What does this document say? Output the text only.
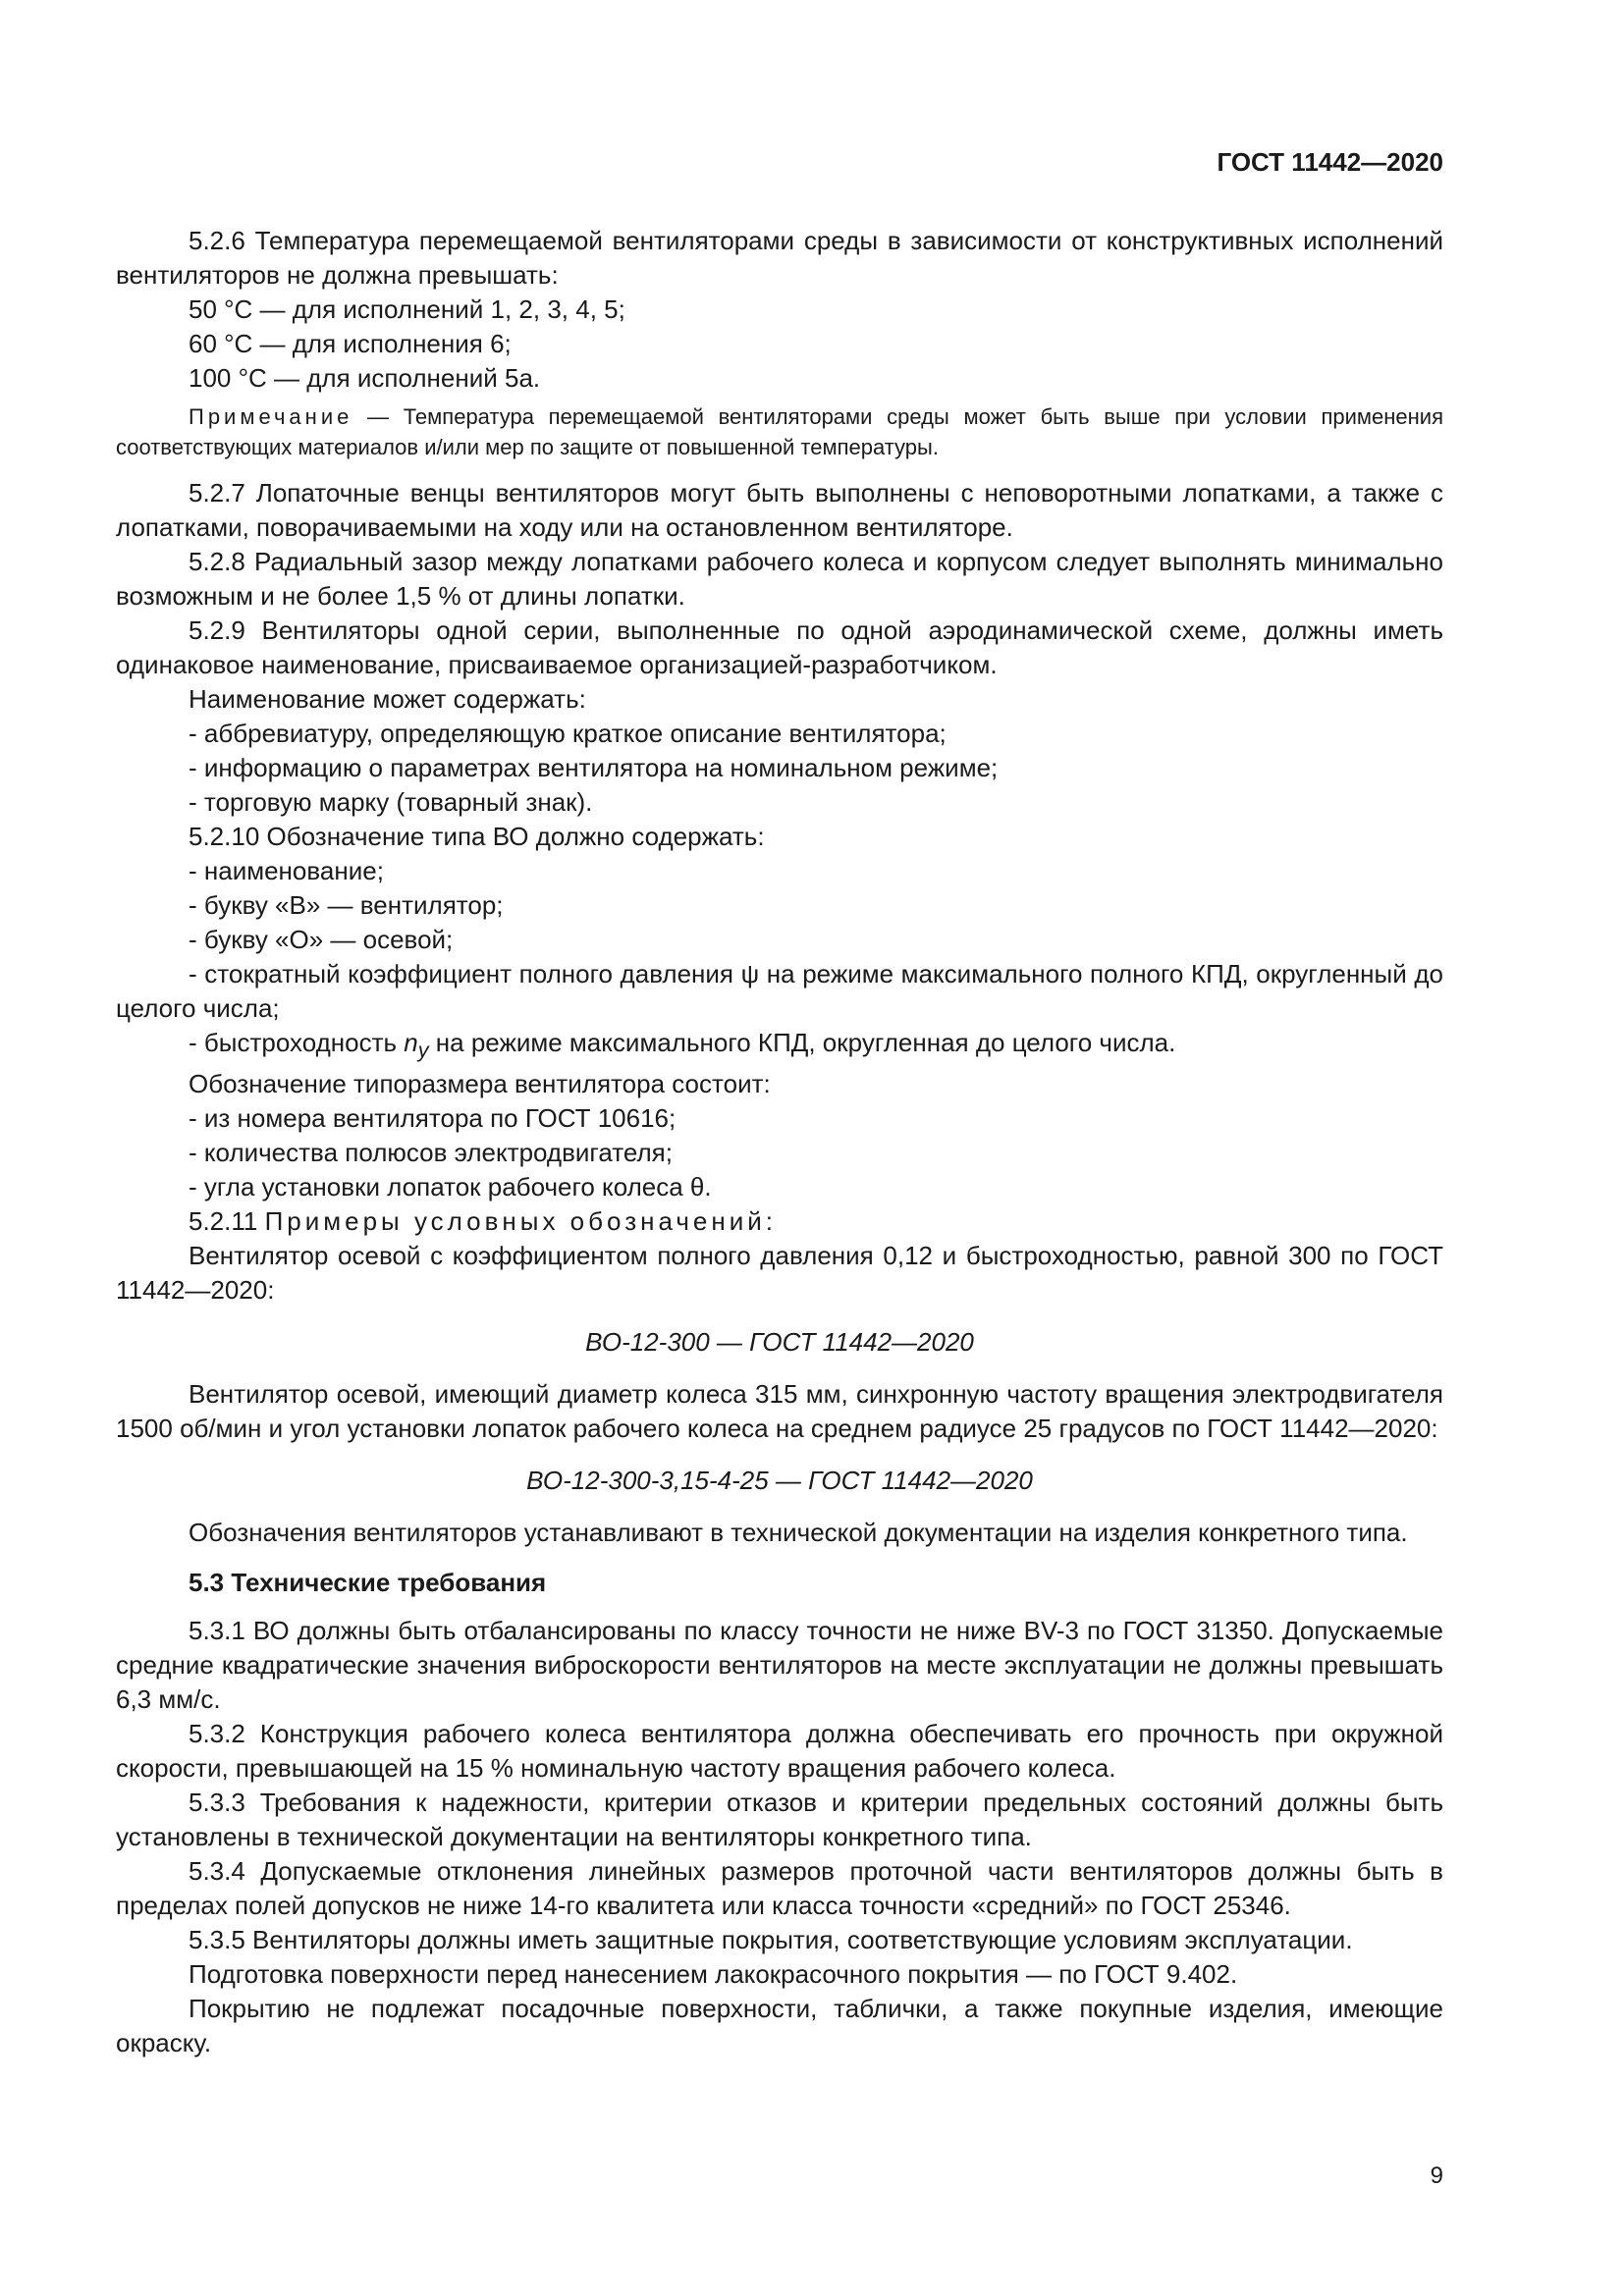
ГОСТ 11442—2020

5.2.6 Температура перемещаемой вентиляторами среды в зависимости от конструктивных исполнений вентиляторов не должна превышать:

50 °C — для исполнений 1, 2, 3, 4, 5;

60 °C — для исполнения 6;

100 °C — для исполнений 5а.

Примечание — Температура перемещаемой вентиляторами среды может быть выше при условии применения соответствующих материалов и/или мер по защите от повышенной температуры.

5.2.7 Лопаточные венцы вентиляторов могут быть выполнены с неповоротными лопатками, а также с лопатками, поворачиваемыми на ходу или на остановленном вентиляторе.

5.2.8 Радиальный зазор между лопатками рабочего колеса и корпусом следует выполнять минимально возможным и не более 1,5 % от длины лопатки.

5.2.9 Вентиляторы одной серии, выполненные по одной аэродинамической схеме, должны иметь одинаковое наименование, присваиваемое организацией-разработчиком.

Наименование может содержать:

- аббревиатуру, определяющую краткое описание вентилятора;

- информацию о параметрах вентилятора на номинальном режиме;

- торговую марку (товарный знак).

5.2.10 Обозначение типа ВО должно содержать:

- наименование;

- букву «В» — вентилятор;

- букву «О» — осевой;

- стократный коэффициент полного давления ψ на режиме максимального полного КПД, округленный до целого числа;

- быстроходность $n_y$ на режиме максимального КПД, округленная до целого числа.

Обозначение типоразмера вентилятора состоит:

- из номера вентилятора по ГОСТ 10616;

- количества полюсов электродвигателя;

- угла установки лопаток рабочего колеса θ.

5.2.11 Примеры условных обозначений:

Вентилятор осевой с коэффициентом полного давления 0,12 и быстроходностью, равной 300 по ГОСТ 11442—2020:

ВО-12-300 — ГОСТ 11442—2020

Вентилятор осевой, имеющий диаметр колеса 315 мм, синхронную частоту вращения электродвигателя 1500 об/мин и угол установки лопаток рабочего колеса на среднем радиусе 25 градусов по ГОСТ 11442—2020:

ВО-12-300-3,15-4-25 — ГОСТ 11442—2020

Обозначения вентиляторов устанавливают в технической документации на изделия конкретного типа.

5.3 Технические требования

5.3.1 ВО должны быть отбалансированы по классу точности не ниже BV-3 по ГОСТ 31350. Допускаемые средние квадратические значения виброскорости вентиляторов на месте эксплуатации не должны превышать 6,3 мм/с.

5.3.2 Конструкция рабочего колеса вентилятора должна обеспечивать его прочность при окружной скорости, превышающей на 15 % номинальную частоту вращения рабочего колеса.

5.3.3 Требования к надежности, критерии отказов и критерии предельных состояний должны быть установлены в технической документации на вентиляторы конкретного типа.

5.3.4 Допускаемые отклонения линейных размеров проточной части вентиляторов должны быть в пределах полей допусков не ниже 14-го квалитета или класса точности «средний» по ГОСТ 25346.

5.3.5 Вентиляторы должны иметь защитные покрытия, соответствующие условиям эксплуатации.

Подготовка поверхности перед нанесением лакокрасочного покрытия — по ГОСТ 9.402.

Покрытию не подлежат посадочные поверхности, таблички, а также покупные изделия, имеющие окраску.

9
